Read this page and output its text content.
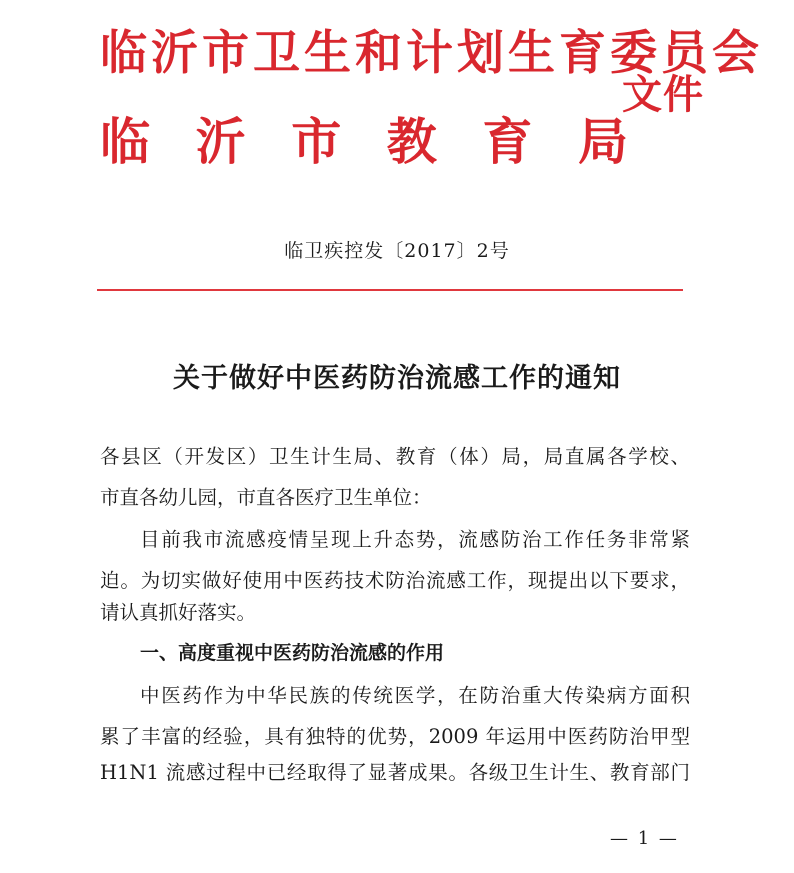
临沂市卫生和计划生育委员会
临 沂 市 教 育 局
文件
临卫疾控发〔2017〕2号
关于做好中医药防治流感工作的通知
各县区（开发区）卫生计生局、教育（体）局，局直属各学校、
市直各幼儿园，市直各医疗卫生单位：
目前我市流感疫情呈现上升态势，流感防治工作任务非常紧
迫。为切实做好使用中医药技术防治流感工作，现提出以下要求，
请认真抓好落实。
一、高度重视中医药防治流感的作用
中医药作为中华民族的传统医学，在防治重大传染病方面积
累了丰富的经验，具有独特的优势，2009 年运用中医药防治甲型
H1N1 流感过程中已经取得了显著成果。各级卫生计生、教育部门
— 1 —
